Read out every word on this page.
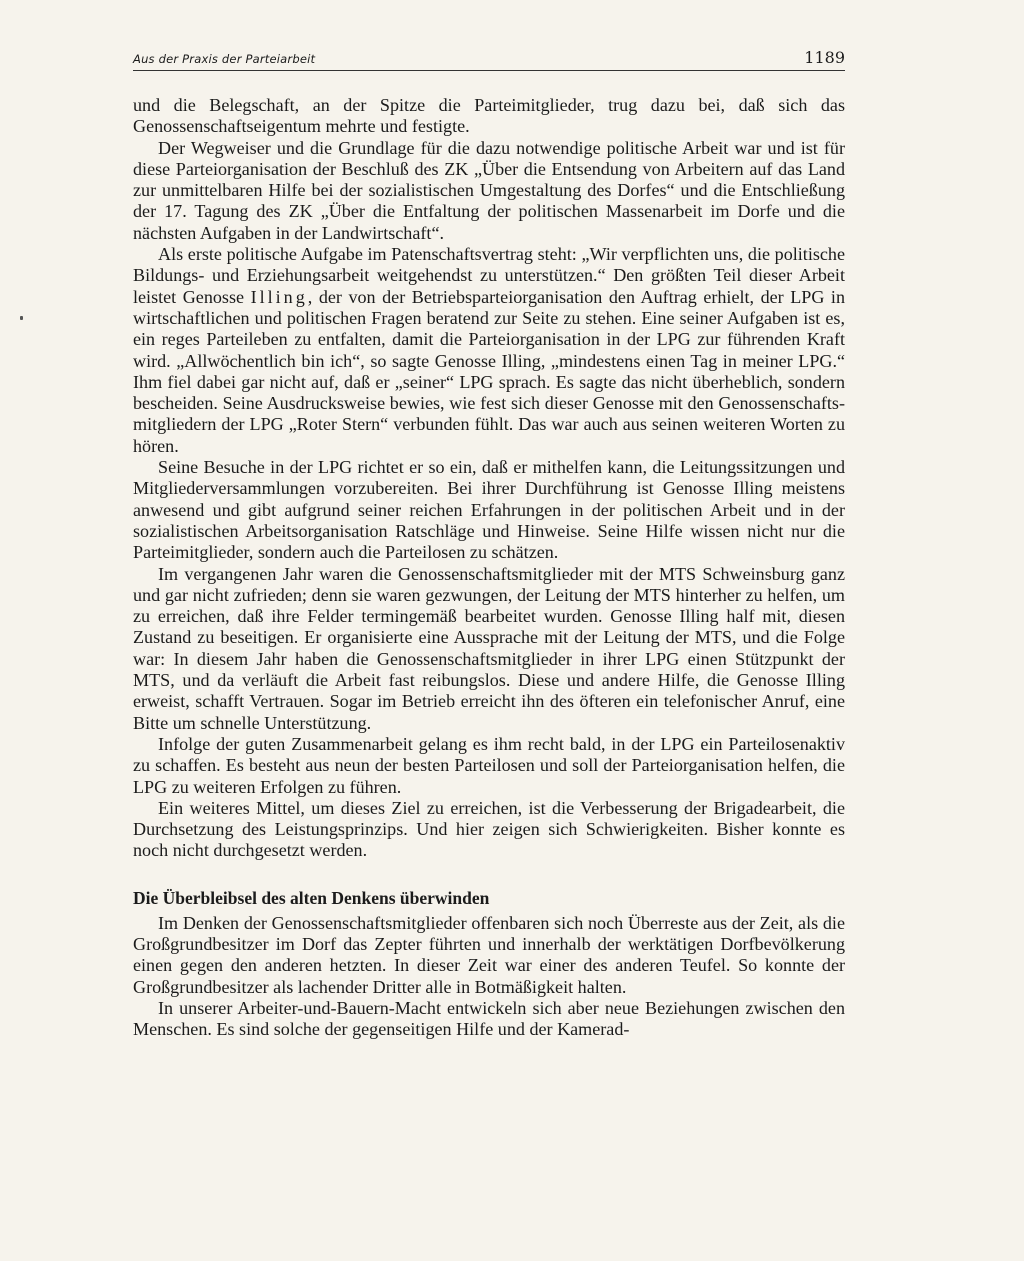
Aus der Praxis der Parteiarbeit	1189

und die Belegschaft, an der Spitze die Parteimitglieder, trug dazu bei, daß sich das Genossenschaftseigentum mehrte und festigte.

Der Wegweiser und die Grundlage für die dazu notwendige politische Arbeit war und ist für diese Parteiorganisation der Beschluß des ZK „Über die Entsendung von Arbeitern auf das Land zur unmittelbaren Hilfe bei der sozialistischen Umgestaltung des Dorfes“ und die Entschließung der 17. Tagung des ZK „Über die Entfaltung der politischen Massenarbeit im Dorfe und die nächsten Aufgaben in der Landwirtschaft“.

Als erste politische Aufgabe im Patenschaftsvertrag steht: „Wir verpflichten uns, die politische Bildungs- und Erziehungsarbeit weitgehendst zu unterstützen.“ Den größten Teil dieser Arbeit leistet Genosse Illing, der von der Betriebsparteiorganisation den Auftrag erhielt, der LPG in wirtschaftlichen und politischen Fragen beratend zur Seite zu stehen. Eine seiner Aufgaben ist es, ein reges Parteileben zu entfalten, damit die Parteiorganisation in der LPG zur führenden Kraft wird. „Allwöchentlich bin ich“, so sagte Genosse Illing, „mindestens einen Tag in meiner LPG.“ Ihm fiel dabei gar nicht auf, daß er „seiner“ LPG sprach. Es sagte das nicht überheblich, sondern bescheiden. Seine Ausdrucksweise bewies, wie fest sich dieser Genosse mit den Genossenschaftsmitgliedern der LPG „Roter Stern“ verbunden fühlt. Das war auch aus seinen weiteren Worten zu hören.

Seine Besuche in der LPG richtet er so ein, daß er mithelfen kann, die Leitungssitzungen und Mitgliederversammlungen vorzubereiten. Bei ihrer Durchführung ist Genosse Illing meistens anwesend und gibt aufgrund seiner reichen Erfahrungen in der politischen Arbeit und in der sozialistischen Arbeitsorganisation Ratschläge und Hinweise. Seine Hilfe wissen nicht nur die Parteimitglieder, sondern auch die Parteilosen zu schätzen.

Im vergangenen Jahr waren die Genossenschaftsmitglieder mit der MTS Schweinsburg ganz und gar nicht zufrieden; denn sie waren gezwungen, der Leitung der MTS hinterher zu helfen, um zu erreichen, daß ihre Felder termingemäß bearbeitet wurden. Genosse Illing half mit, diesen Zustand zu beseitigen. Er organisierte eine Aussprache mit der Leitung der MTS, und die Folge war: In diesem Jahr haben die Genossenschaftsmitglieder in ihrer LPG einen Stützpunkt der MTS, und da verläuft die Arbeit fast reibungslos. Diese und andere Hilfe, die Genosse Illing erweist, schafft Vertrauen. Sogar im Betrieb erreicht ihn des öfteren ein telefonischer Anruf, eine Bitte um schnelle Unterstützung.

Infolge der guten Zusammenarbeit gelang es ihm recht bald, in der LPG ein Parteilosenaktiv zu schaffen. Es besteht aus neun der besten Parteilosen und soll der Parteiorganisation helfen, die LPG zu weiteren Erfolgen zu führen.

Ein weiteres Mittel, um dieses Ziel zu erreichen, ist die Verbesserung der Brigadearbeit, die Durchsetzung des Leistungsprinzips. Und hier zeigen sich Schwierigkeiten. Bisher konnte es noch nicht durchgesetzt werden.

Die Überbleibsel des alten Denkens überwinden

Im Denken der Genossenschaftsmitglieder offenbaren sich noch Überreste aus der Zeit, als die Großgrundbesitzer im Dorf das Zepter führten und innerhalb der werktätigen Dorfbevölkerung einen gegen den anderen hetzten. In dieser Zeit war einer des anderen Teufel. So konnte der Großgrundbesitzer als lachender Dritter alle in Botmäßigkeit halten.

In unserer Arbeiter-und-Bauern-Macht entwickeln sich aber neue Beziehungen zwischen den Menschen. Es sind solche der gegenseitigen Hilfe und der Kamerad-
